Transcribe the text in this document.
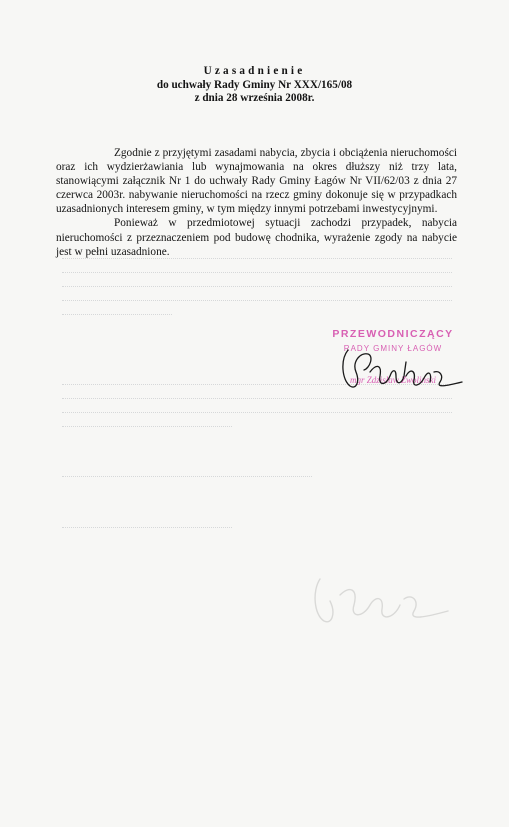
Uzasadnienie
do uchwały Rady Gminy Nr XXX/165/08
z dnia 28 września 2008r.

Zgodnie z przyjętymi zasadami nabycia, zbycia i obciążenia nieruchomości oraz ich wydzierżawiania lub wynajmowania na okres dłuższy niż trzy lata, stanowiącymi załącznik Nr 1 do uchwały Rady Gminy Łagów Nr VII/62/03 z dnia 27 czerwca 2003r. nabywanie nieruchomości na rzecz gminy dokonuje się w przypadkach uzasadnionych interesem gminy, w tym między innymi potrzebami inwestycyjnymi.

Ponieważ w przedmiotowej sytuacji zachodzi przypadek, nabycia nieruchomości z przeznaczeniem pod budowę chodnika, wyrażenie zgody na nabycie jest w pełni uzasadnione.

PRZEWODNICZĄCY
RADY GMINY ŁAGÓW
mgr Zdzisław Zwoliński
